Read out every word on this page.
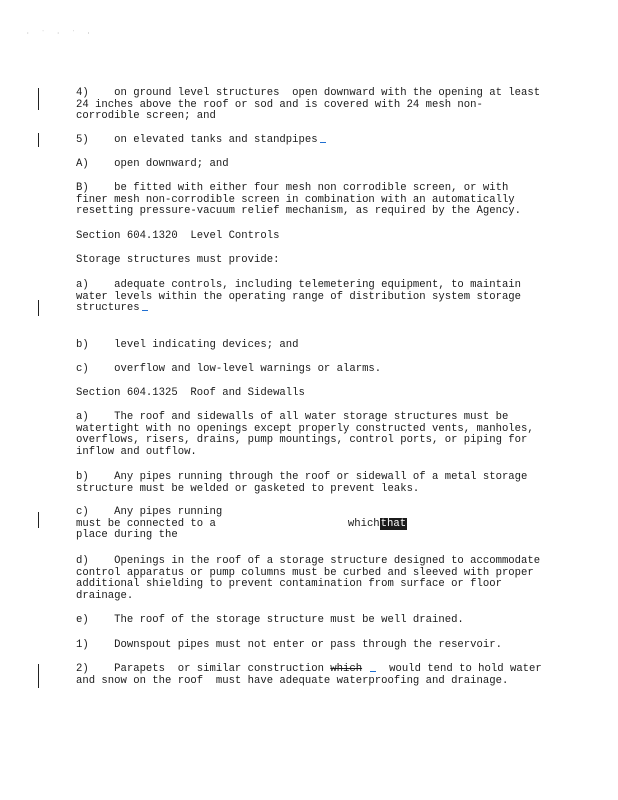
· ˙ · ˙ ·
4)    on ground level structures  open downward with the opening at least 24 inches above the roof or sod and is covered with 24 mesh non-corrodible screen; and
5)    on elevated tanks and standpipes
A)    open downward; and
B)    be fitted with either four mesh non corrodible screen, or with finer mesh non-corrodible screen in combination with an automatically resetting pressure-vacuum relief mechanism, as required by the Agency.
Section 604.1320  Level Controls
Storage structures must provide:
a)    adequate controls, including telemetering equipment, to maintain water levels within the operating range of distribution system storage structures
b)    level indicating devices; and
c)    overflow and low-level warnings or alarms.
Section 604.1325  Roof and Sidewalls
a)    The roof and sidewalls of all water storage structures must be watertight with no openings except properly constructed vents, manholes, overflows, risers, drains, pump mountings, control ports, or piping for inflow and outflow.
b)    Any pipes running through the roof or sidewall of a metal storage structure must be welded or gasketed to prevent leaks.
c)    Any pipes running
must be connected to a	whichthat
place during the
d)    Openings in the roof of a storage structure designed to accommodate control apparatus or pump columns must be curbed and sleeved with proper additional shielding to prevent contamination from surface or floor drainage.
e)    The roof of the storage structure must be well drained.
1)    Downspout pipes must not enter or pass through the reservoir.
2)    Parapets  or similar construction which	would tend to hold water and snow on the roof  must have adequate waterproofing and drainage.
